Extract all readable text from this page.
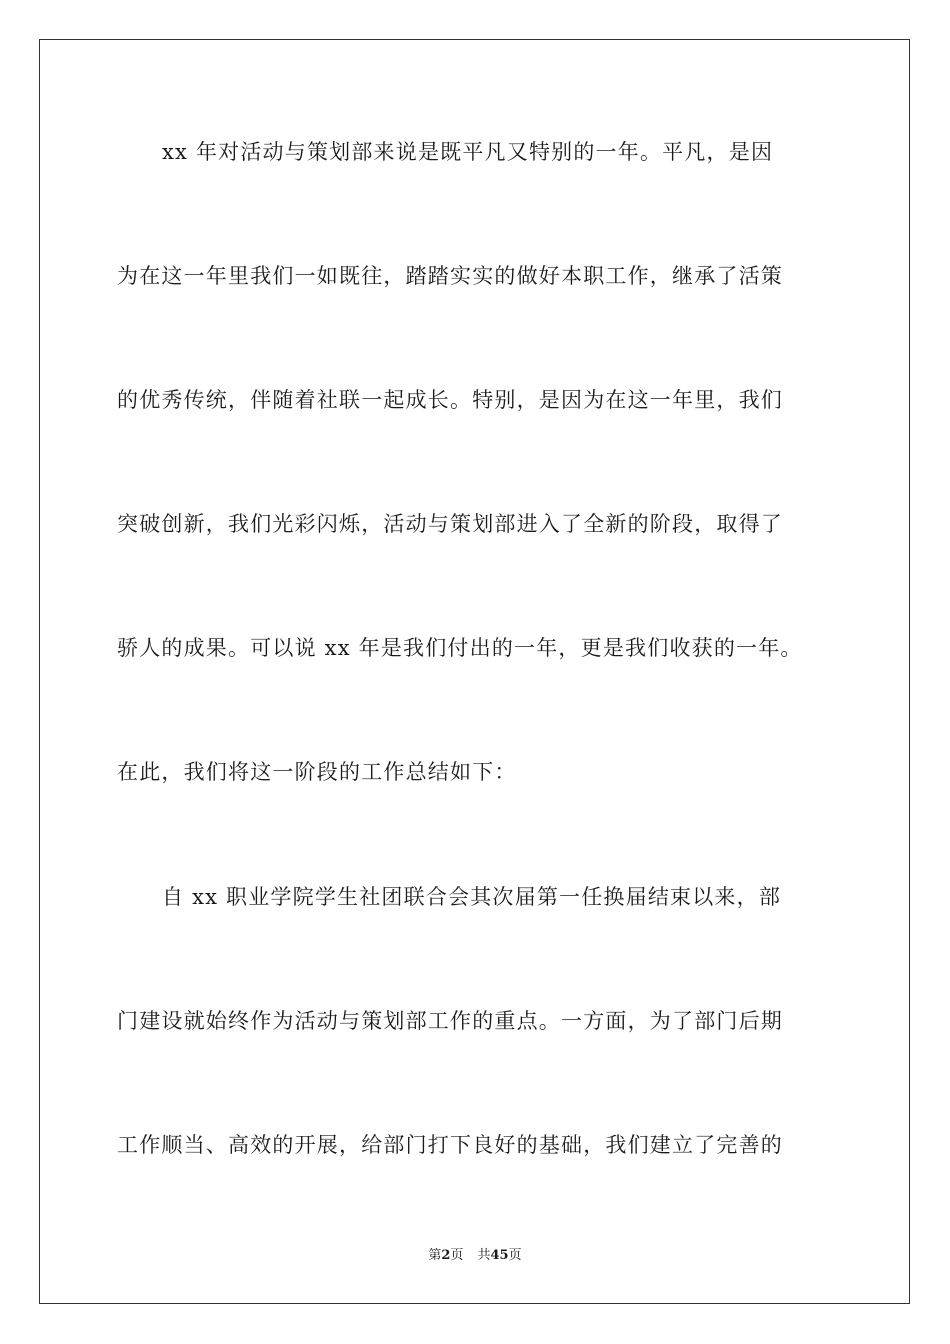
xx 年对活动与策划部来说是既平凡又特别的一年。平凡，是因
为在这一年里我们一如既往，踏踏实实的做好本职工作，继承了活策
的优秀传统，伴随着社联一起成长。特别，是因为在这一年里，我们
突破创新，我们光彩闪烁，活动与策划部进入了全新的阶段，取得了
骄人的成果。可以说 xx 年是我们付出的一年，更是我们收获的一年。
在此，我们将这一阶段的工作总结如下：
自 xx 职业学院学生社团联合会其次届第一任换届结束以来，部
门建设就始终作为活动与策划部工作的重点。一方面，为了部门后期
工作顺当、高效的开展，给部门打下良好的基础，我们建立了完善的
第2页 共45页
